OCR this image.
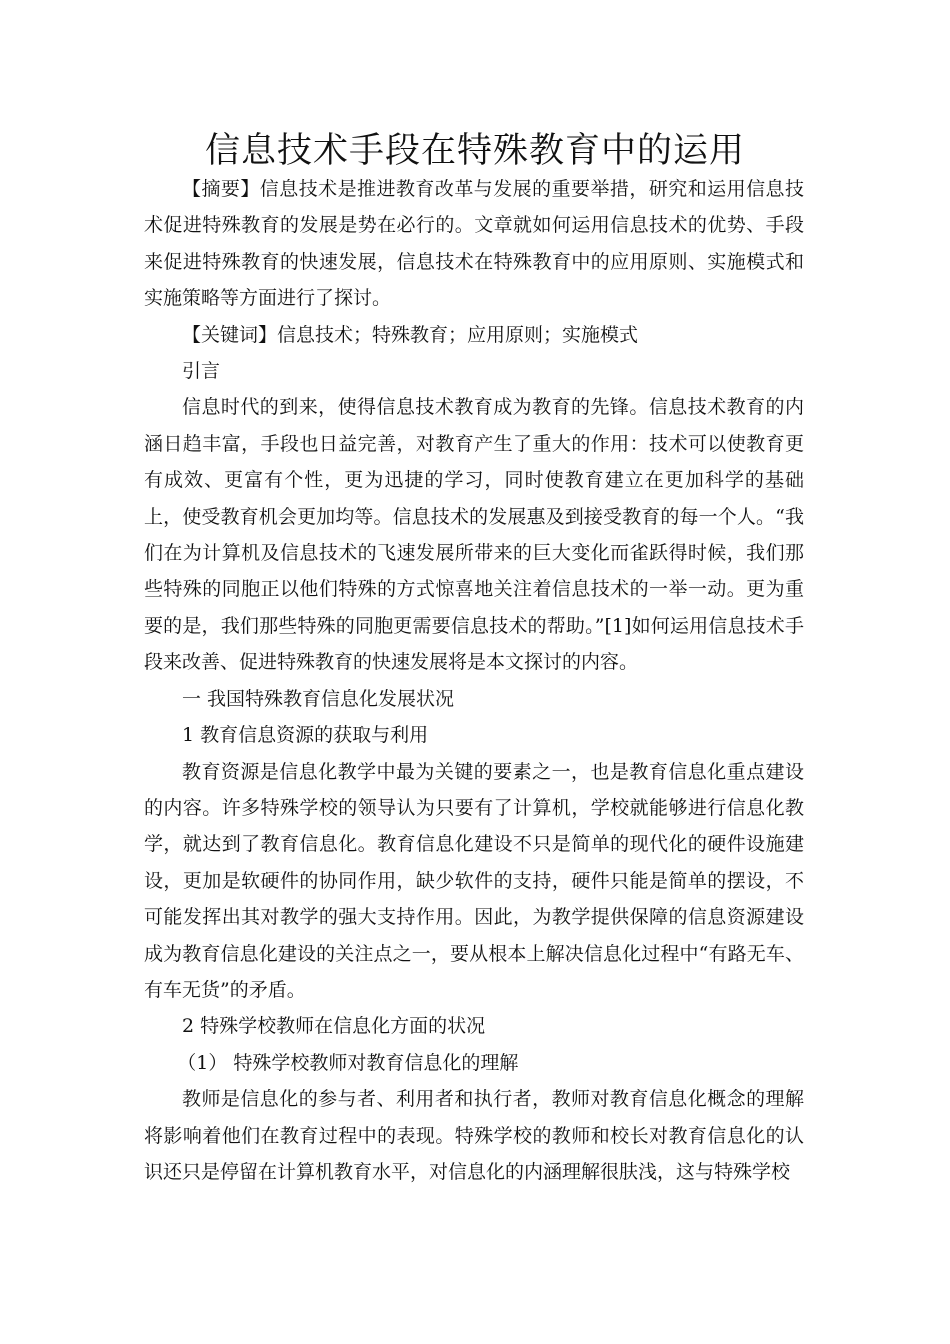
信息技术手段在特殊教育中的运用

【摘要】信息技术是推进教育改革与发展的重要举措，研究和运用信息技术促进特殊教育的发展是势在必行的。文章就如何运用信息技术的优势、手段来促进特殊教育的快速发展，信息技术在特殊教育中的应用原则、实施模式和实施策略等方面进行了探讨。

【关键词】信息技术；特殊教育；应用原则；实施模式

引言

信息时代的到来，使得信息技术教育成为教育的先锋。信息技术教育的内涵日趋丰富，手段也日益完善，对教育产生了重大的作用：技术可以使教育更有成效、更富有个性，更为迅捷的学习，同时使教育建立在更加科学的基础上，使受教育机会更加均等。信息技术的发展惠及到接受教育的每一个人。“我们在为计算机及信息技术的飞速发展所带来的巨大变化而雀跃得时候，我们那些特殊的同胞正以他们特殊的方式惊喜地关注着信息技术的一举一动。更为重要的是，我们那些特殊的同胞更需要信息技术的帮助。”[1]如何运用信息技术手段来改善、促进特殊教育的快速发展将是本文探讨的内容。

一 我国特殊教育信息化发展状况

1 教育信息资源的获取与利用

教育资源是信息化教学中最为关键的要素之一，也是教育信息化重点建设的内容。许多特殊学校的领导认为只要有了计算机，学校就能够进行信息化教学，就达到了教育信息化。教育信息化建设不只是简单的现代化的硬件设施建设，更加是软硬件的协同作用，缺少软件的支持，硬件只能是简单的摆设，不可能发挥出其对教学的强大支持作用。因此，为教学提供保障的信息资源建设成为教育信息化建设的关注点之一，要从根本上解决信息化过程中“有路无车、有车无货”的矛盾。

2 特殊学校教师在信息化方面的状况

（1） 特殊学校教师对教育信息化的理解

教师是信息化的参与者、利用者和执行者，教师对教育信息化概念的理解将影响着他们在教育过程中的表现。特殊学校的教师和校长对教育信息化的认识还只是停留在计算机教育水平，对信息化的内涵理解很肤浅，这与特殊学校
